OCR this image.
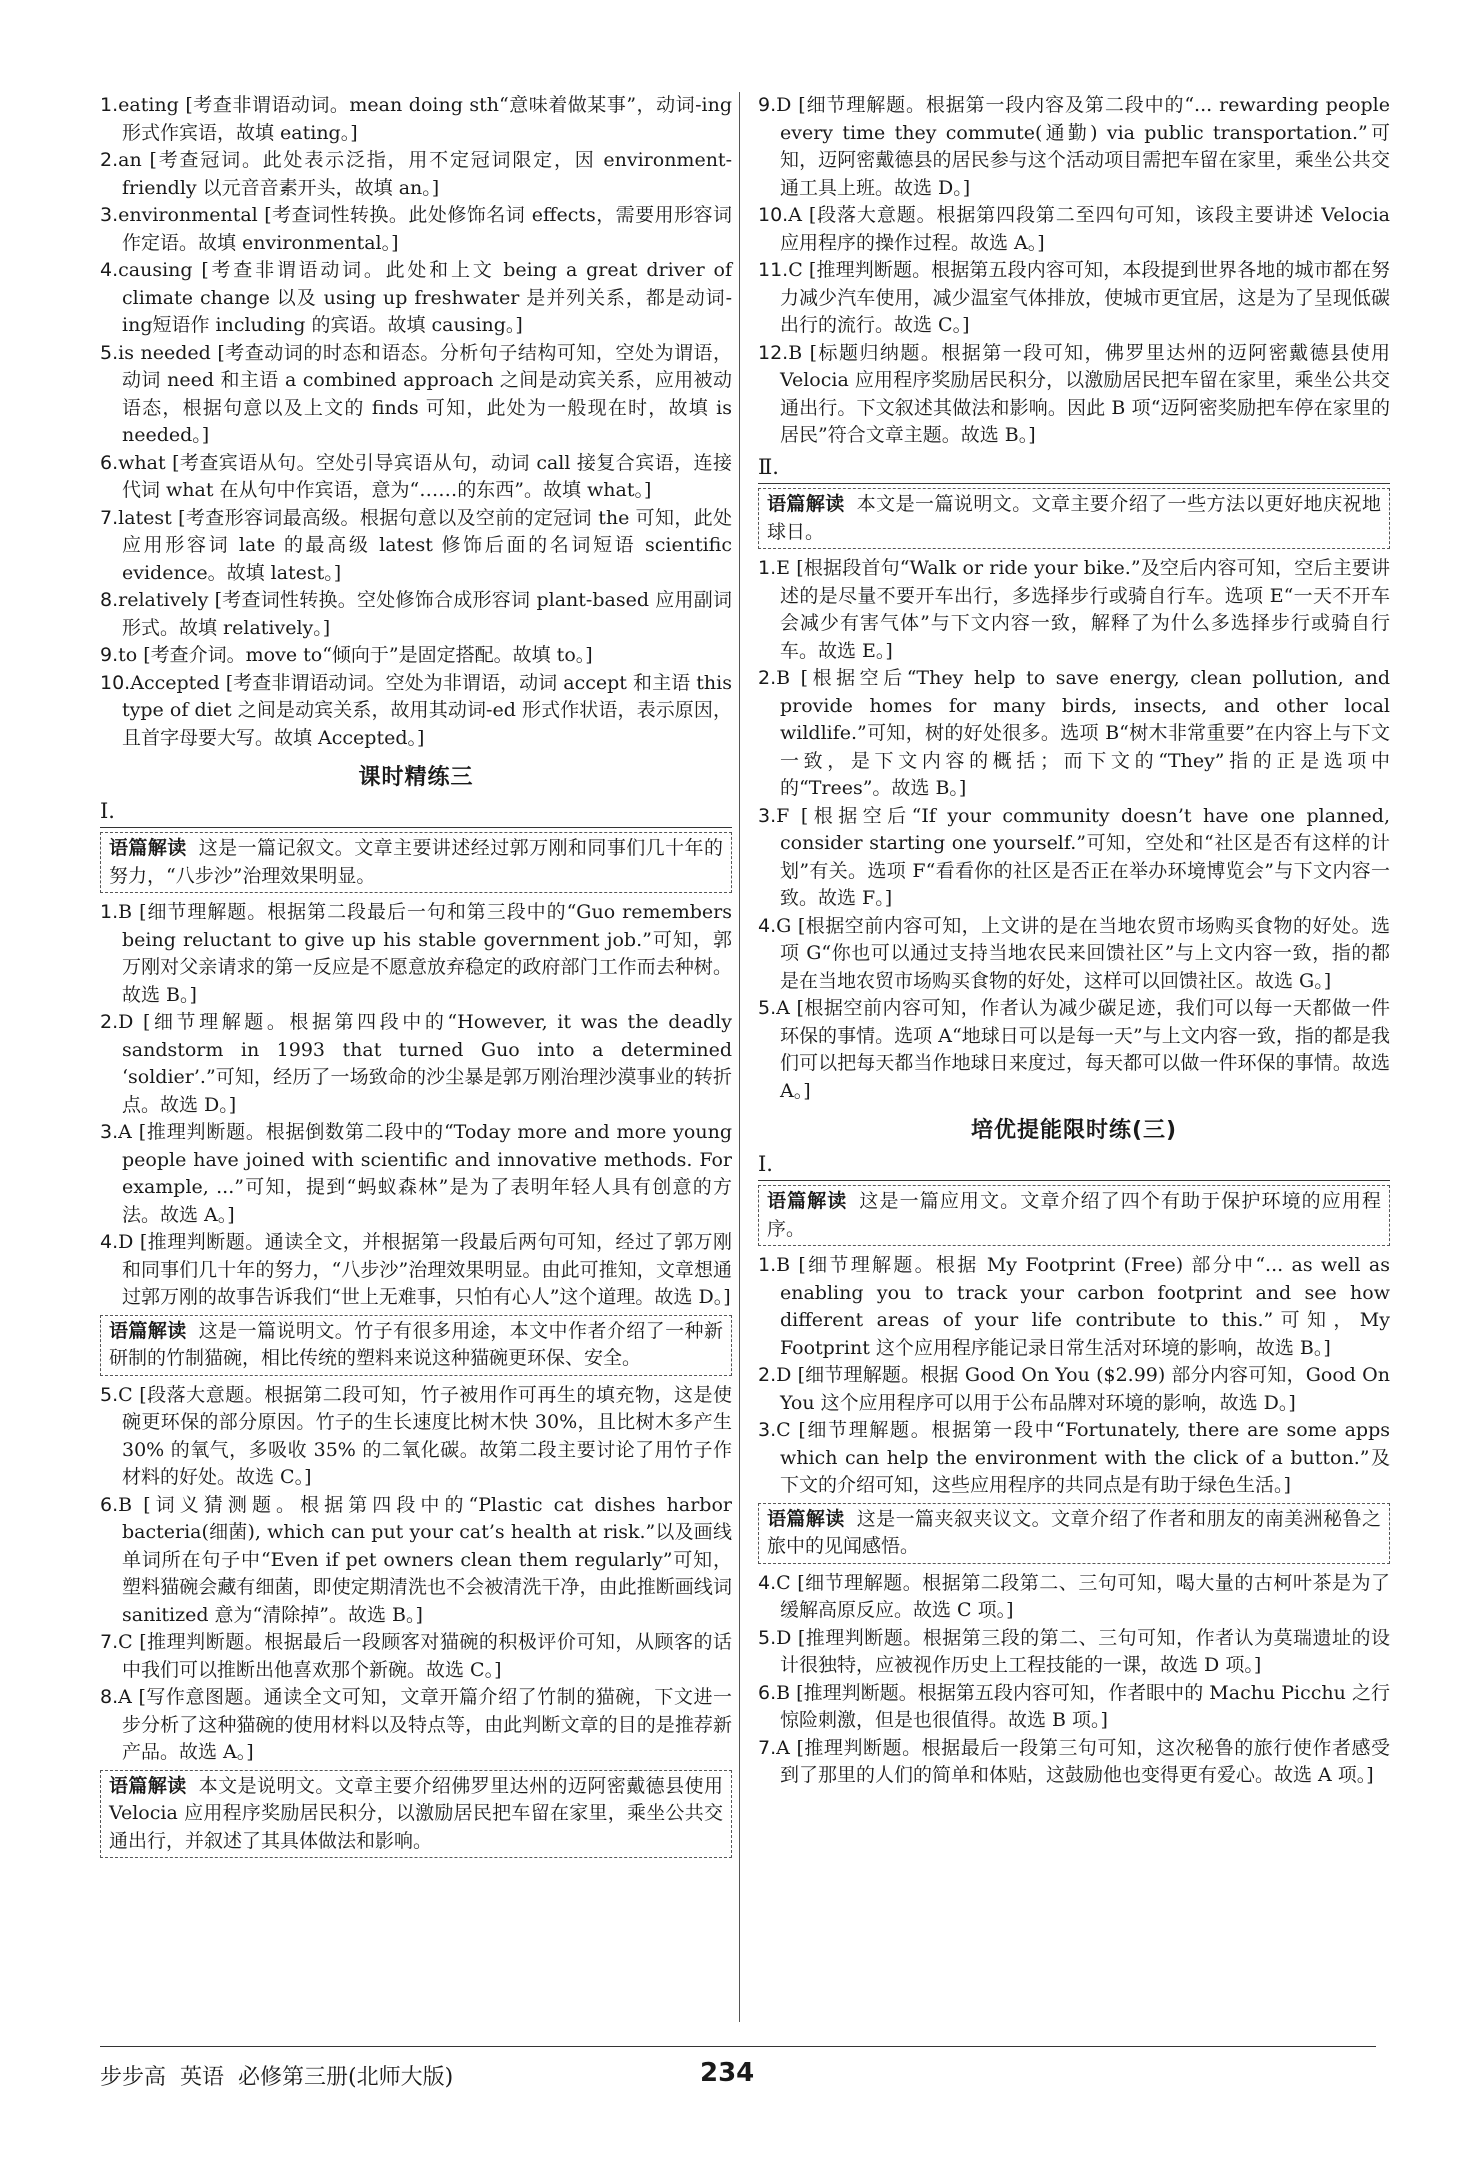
1.eating [考查非谓语动词。mean doing sth“意味着做某事”，动词-ing形式作宾语，故填 eating。]
2.an [考查冠词。此处表示泛指，用不定冠词限定，因 environment-friendly 以元音音素开头，故填 an。]
3.environmental [考查词性转换。此处修饰名词 effects，需要用形容词作定语。故填 environmental。]
4.causing [考查非谓语动词。此处和上文 being a great driver of climate change 以及 using up freshwater 是并列关系，都是动词-ing短语作 including 的宾语。故填 causing。]
5.is needed [考查动词的时态和语态。分析句子结构可知，空处为谓语，动词 need 和主语 a combined approach 之间是动宾关系，应用被动语态，根据句意以及上文的 finds 可知，此处为一般现在时，故填 is needed。]
6.what [考查宾语从句。空处引导宾语从句，动词 call 接复合宾语，连接代词 what 在从句中作宾语，意为“……的东西”。故填 what。]
7.latest [考查形容词最高级。根据句意以及空前的定冠词 the 可知，此处应用形容词 late 的最高级 latest 修饰后面的名词短语 scientific evidence。故填 latest。]
8.relatively [考查词性转换。空处修饰合成形容词 plant-based 应用副词形式。故填 relatively。]
9.to [考查介词。move to“倾向于”是固定搭配。故填 to。]
10.Accepted [考查非谓语动词。空处为非谓语，动词 accept 和主语 this type of diet 之间是动宾关系，故用其动词-ed 形式作状语，表示原因，且首字母要大写。故填 Accepted。]
课时精练三
Ⅰ.
语篇解读 这是一篇记叙文。文章主要讲述经过郭万刚和同事们几十年的努力，“八步沙”治理效果明显。
1.B [细节理解题。根据第二段最后一句和第三段中的“Guo remembers being reluctant to give up his stable government job.”可知，郭万刚对父亲请求的第一反应是不愿意放弃稳定的政府部门工作而去种树。故选 B。]
2.D [细节理解题。根据第四段中的“However, it was the deadly sandstorm in 1993 that turned Guo into a determined ‘soldier’.”可知，经历了一场致命的沙尘暴是郭万刚治理沙漠事业的转折点。故选 D。]
3.A [推理判断题。根据倒数第二段中的“Today more and more young people have joined with scientific and innovative methods. For example, ...”可知，提到“蚂蚁森林”是为了表明年轻人具有创意的方法。故选 A。]
4.D [推理判断题。通读全文，并根据第一段最后两句可知，经过了郭万刚和同事们几十年的努力，“八步沙”治理效果明显。由此可推知，文章想通过郭万刚的故事告诉我们“世上无难事，只怕有心人”这个道理。故选 D。]
语篇解读 这是一篇说明文。竹子有很多用途，本文中作者介绍了一种新研制的竹制猫碗，相比传统的塑料来说这种猫碗更环保、安全。
5.C [段落大意题。根据第二段可知，竹子被用作可再生的填充物，这是使碗更环保的部分原因。竹子的生长速度比树木快 30%，且比树木多产生 30% 的氧气，多吸收 35% 的二氧化碳。故第二段主要讨论了用竹子作材料的好处。故选 C。]
6.B [词义猜测题。根据第四段中的“Plastic cat dishes harbor bacteria(细菌), which can put your cat’s health at risk.”以及画线单词所在句子中“Even if pet owners clean them regularly”可知，塑料猫碗会藏有细菌，即使定期清洗也不会被清洗干净，由此推断画线词 sanitized 意为“清除掉”。故选 B。]
7.C [推理判断题。根据最后一段顾客对猫碗的积极评价可知，从顾客的话中我们可以推断出他喜欢那个新碗。故选 C。]
8.A [写作意图题。通读全文可知，文章开篇介绍了竹制的猫碗，下文进一步分析了这种猫碗的使用材料以及特点等，由此判断文章的目的是推荐新产品。故选 A。]
语篇解读 本文是说明文。文章主要介绍佛罗里达州的迈阿密戴德县使用 Velocia 应用程序奖励居民积分，以激励居民把车留在家里，乘坐公共交通出行，并叙述了其具体做法和影响。
9.D [细节理解题。根据第一段内容及第二段中的“... rewarding people every time they commute(通勤) via public transportation.”可知，迈阿密戴德县的居民参与这个活动项目需把车留在家里，乘坐公共交通工具上班。故选 D。]
10.A [段落大意题。根据第四段第二至四句可知，该段主要讲述 Velocia 应用程序的操作过程。故选 A。]
11.C [推理判断题。根据第五段内容可知，本段提到世界各地的城市都在努力减少汽车使用，减少温室气体排放，使城市更宜居，这是为了呈现低碳出行的流行。故选 C。]
12.B [标题归纳题。根据第一段可知，佛罗里达州的迈阿密戴德县使用 Velocia 应用程序奖励居民积分，以激励居民把车留在家里，乘坐公共交通出行。下文叙述其做法和影响。因此 B 项“迈阿密奖励把车停在家里的居民”符合文章主题。故选 B。]
Ⅱ.
语篇解读 本文是一篇说明文。文章主要介绍了一些方法以更好地庆祝地球日。
1.E [根据段首句“Walk or ride your bike.”及空后内容可知，空后主要讲述的是尽量不要开车出行，多选择步行或骑自行车。选项 E“一天不开车会减少有害气体”与下文内容一致，解释了为什么多选择步行或骑自行车。故选 E。]
2.B [根据空后“They help to save energy, clean pollution, and provide homes for many birds, insects, and other local wildlife.”可知，树的好处很多。选项 B“树木非常重要”在内容上与下文一致，是下文内容的概括；而下文的“They”指的正是选项中的“Trees”。故选 B。]
3.F [根据空后“If your community doesn’t have one planned, consider starting one yourself.”可知，空处和“社区是否有这样的计划”有关。选项 F“看看你的社区是否正在举办环境博览会”与下文内容一致。故选 F。]
4.G [根据空前内容可知，上文讲的是在当地农贸市场购买食物的好处。选项 G“你也可以通过支持当地农民来回馈社区”与上文内容一致，指的都是在当地农贸市场购买食物的好处，这样可以回馈社区。故选 G。]
5.A [根据空前内容可知，作者认为减少碳足迹，我们可以每一天都做一件环保的事情。选项 A“地球日可以是每一天”与上文内容一致，指的都是我们可以把每天都当作地球日来度过，每天都可以做一件环保的事情。故选 A。]
培优提能限时练(三)
Ⅰ.
语篇解读 这是一篇应用文。文章介绍了四个有助于保护环境的应用程序。
1.B [细节理解题。根据 My Footprint (Free) 部分中“... as well as enabling you to track your carbon footprint and see how different areas of your life contribute to this.”可知，My Footprint 这个应用程序能记录日常生活对环境的影响，故选 B。]
2.D [细节理解题。根据 Good On You ($2.99) 部分内容可知，Good On You 这个应用程序可以用于公布品牌对环境的影响，故选 D。]
3.C [细节理解题。根据第一段中“Fortunately, there are some apps which can help the environment with the click of a button.”及下文的介绍可知，这些应用程序的共同点是有助于绿色生活。]
语篇解读 这是一篇夹叙夹议文。文章介绍了作者和朋友的南美洲秘鲁之旅中的见闻感悟。
4.C [细节理解题。根据第二段第二、三句可知，喝大量的古柯叶茶是为了缓解高原反应。故选 C 项。]
5.D [推理判断题。根据第三段的第二、三句可知，作者认为莫瑞遗址的设计很独特，应被视作历史上工程技能的一课，故选 D 项。]
6.B [推理判断题。根据第五段内容可知，作者眼中的 Machu Picchu 之行惊险刺激，但是也很值得。故选 B 项。]
7.A [推理判断题。根据最后一段第三句可知，这次秘鲁的旅行使作者感受到了那里的人们的简单和体贴，这鼓励他也变得更有爱心。故选 A 项。]
步步高 英语 必修第三册(北师大版)	234
